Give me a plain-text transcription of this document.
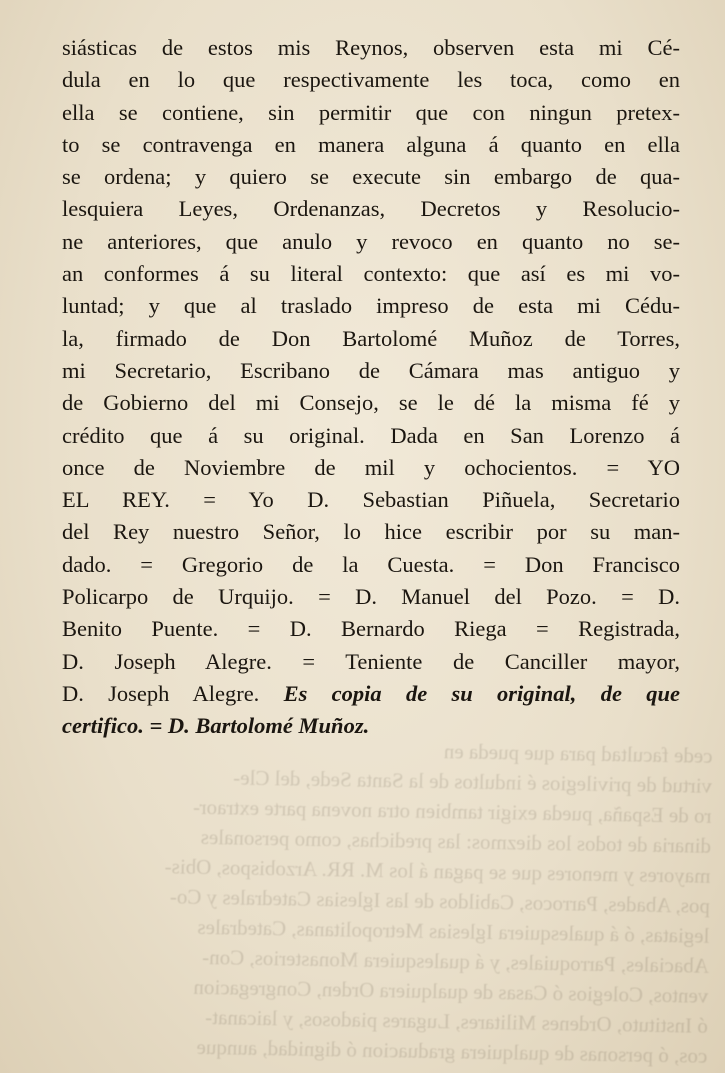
cede facultad para que pueda en
virtud de privilegios é indultos de la Santa Sede, del Cle-
ro de España, pueda exigir tambien otra novena parte extraor-
dinaria de todos los diezmos: las predichas, como personales
mayores y menores que se pagan á los M. RR. Arzobispos, Obis-
pos, Abades, Parrocos, Cabildos de las Iglesias Catedrales y Co-
legiatas, ó á qualesquiera Iglesias Metropolitanas, Catedrales
Abaciales, Parroquiales, y á qualesquiera Monasterios, Con-
ventos, Colegios ó Casas de qualquiera Orden, Congregacion
ó Instituto, Ordenes Militares, Lugares piadosos, y laicanat-
cos, ó personas de qualquiera graduacion ó dignidad, aunque
siásticas de estos mis Reynos, observen esta mi Cé-
dula en lo que respectivamente les toca, como en
ella se contiene, sin permitir que con ningun pretex-
to se contravenga en manera alguna á quanto en ella
se ordena; y quiero se execute sin embargo de qua-
lesquiera Leyes, Ordenanzas, Decretos y Resolucio-
ne anteriores, que anulo y revoco en quanto no se-
an conformes á su literal contexto: que así es mi vo-
luntad; y que al traslado impreso de esta mi Cédu-
la, firmado de Don Bartolomé Muñoz de Torres,
mi Secretario, Escribano de Cámara mas antiguo y
de Gobierno del mi Consejo, se le dé la misma fé y
crédito que á su original. Dada en San Lorenzo á
once de Noviembre de mil y ochocientos. = YO
EL REY. = Yo D. Sebastian Piñuela, Secretario
del Rey nuestro Señor, lo hice escribir por su man-
dado. = Gregorio de la Cuesta. = Don Francisco
Policarpo de Urquijo. = D. Manuel del Pozo. = D.
Benito Puente. = D. Bernardo Riega = Registrada,
D. Joseph Alegre. = Teniente de Canciller mayor,
D. Joseph Alegre. Es copia de su original, de que
certifico. = D. Bartolomé Muñoz.
